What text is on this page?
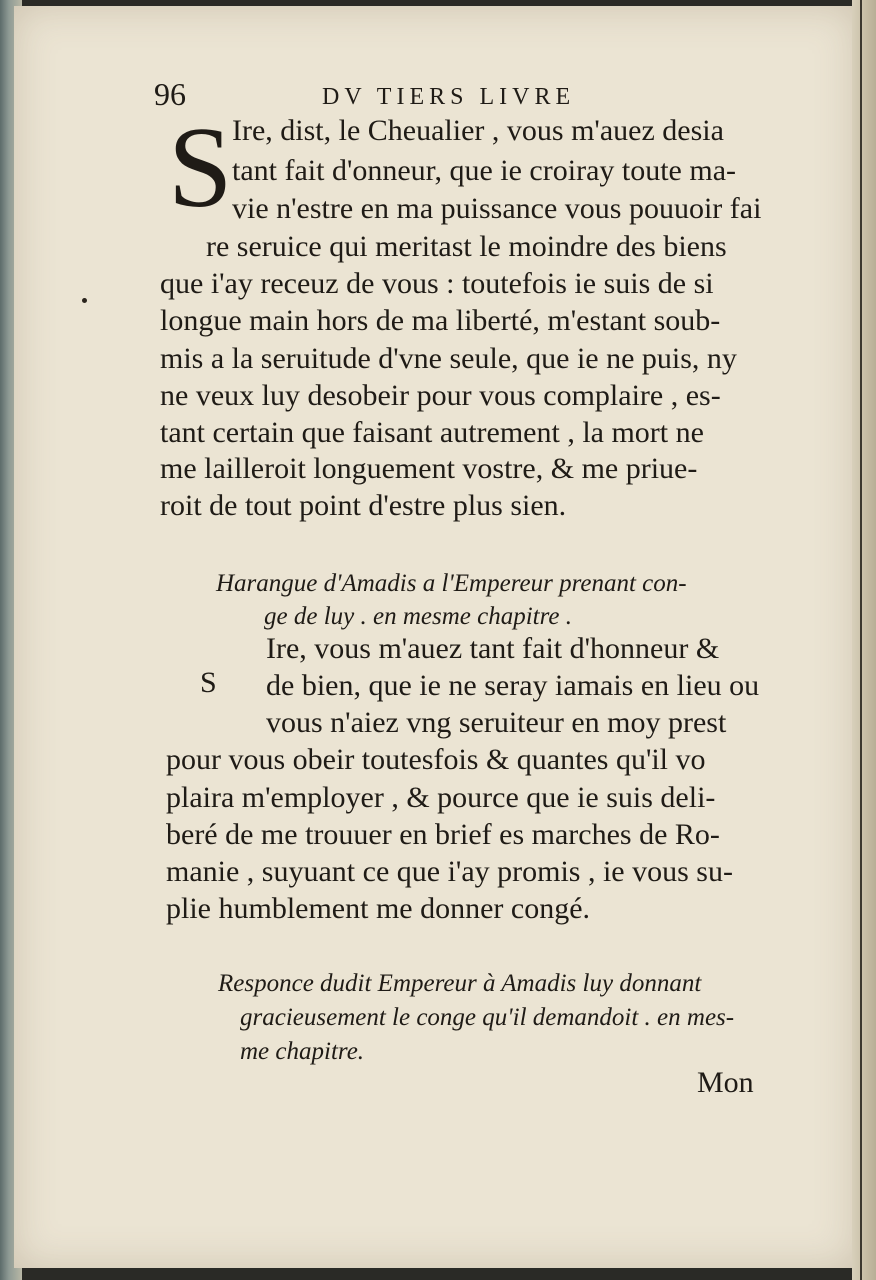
96	DV TIERS LIVRE
S Ire, dist, le Cheualier , vous m'auez desia
tant fait d'onneur, que ie croiray toute ma-
vie n'estre en ma puissance vous pouuoir fai
re seruice qui meritast le moindre des biens
que i'ay receuz de vous : toutefois ie suis de si
longue main hors de ma liberté, m'estant soub-
mis a la seruitude d'vne seule, que ie ne puis, ny
ne veux luy desobeir pour vous complaire , es-
tant certain que faisant autrement , la mort ne
me lailleroit longuement vostre, & me priue-
roit de tout point d'estre plus sien.
Harangue d'Amadis a l'Empereur prenant con-
ge de luy . en mesme chapitre .
S
Ire, vous m'auez tant fait d'honneur &
de bien, que ie ne seray iamais en lieu ou
vous n'aiez vng seruiteur en moy prest
pour vous obeir toutesfois & quantes qu'il vo
plaira m'employer , & pource que ie suis deli-
beré de me trouuer en brief es marches de Ro-
manie , suyuant ce que i'ay promis , ie vous su-
plie humblement me donner congé.
Responce dudit Empereur à Amadis luy donnant
gracieusement le conge qu'il demandoit . en mes-
me chapitre.
Mon
